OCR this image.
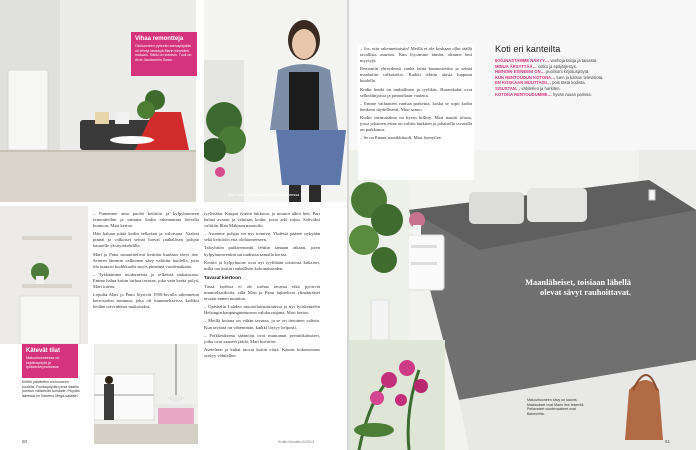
Vihaa remontteja
Olohuoneen pyöreän sohvapöydän oli tehnyt lasisepä Marin toiveiden mukaan. Säkki on kotoisin. Tuoli on Arne Jacobsenin Swan.
Mari Kaikkonen kuvasi kotona työhuoneessa.
Kätevät tilat
Makuuhuoneessa on kirjoituspöytä ja työskentelynurkkaus
Keittiö päivitettiin olohuoneen puolelle. Ruokapöydän pinta saatiin puretun väliseinän kohdalle. Pöydän ääressä on Tolomeo Mega-valaisin.

– Panemme aina puolet keittiön ja kylpyhuoneen remontteihin ja saimme kodin rakennuttua kerralla kuntoon, Mari kertoo.

Hän haluaa pitää kodin selkeänä ja valoisana. Vaaleat pinnat ja valkoiset seinät luovat rauhallisen pohjan kauniille yksityiskohdille.

Mari ja Panu suunnittelivat keittiön kuulaan sävyt itse. Seinien lämmin valkoinen sävy valittiin huolella, jotta tila tuntuisi kodikkaalta myös pimeänä vuodenaikana.

– Tykkäämme moderneista ja selkeistä ratkaisuista. Emme halua kotiin turhaa tavaraa, joka vain kerää pölyä, Mari toteaa.

Lopulta Mari ja Panu löysivät 1950-luvulla rakennetun kerrostalon asunnon, joka oli muunneltavissa kodiksi heidän toiveidensa mukaiseksi.

tyylistään. Kaupat tyttöin lukkoon, ja muutot alkoi heti. Pari halusi avaran ja valoisan kodin, jossa arki sujuu. Sohvaksi valittiin Illan Mäkisen muotoilu.

– Asumme pohjaa on nyt toimiva. Yhdestä pääsee nykyään sekä keittiöön että olohuoneeseen.

Taloyhtiön putkiremontti tehtiin samaan aikaan, joten kylpyhuoneenkin sai uudistaa samalla kertaa.

Keittiö ja kylpyhuone ovat nyt tyyliltään toistensa kaltaiset, mikä tuo kotiin rauhallisen kokonaisuuden.

Tavarat kiertoon

Tässä kodissa ei ole turhaa tavaraa eikä pyöriviä muuttolaatikoita, sillä Mari ja Panu lajittelivat ylimääräiset tavarat ennen muuttoa.

– Opiskelin Lahden muotoiluinstituutissa ja nyt työskentelen Helsingin kaupunginmuseon valokuvaajana, Mari kertoo.

– Meillä kotona on vähän tavaraa, ja se on tietoinen valinta. Kun tavaraa on vähemmän, kaikki löytyy helposti.

– Poikkeuksena sääntöön ovat muutamat perintökalusteet, jotka ovat saaneet jäädä, Mari kuvailee.

Asetelmat ja kukat tuovat kotiin väriä. Kaunis kokonaisuus syntyy vähitellen.

50	Kotiin Kuvattu 6/2013

– Jos, niin rakennettaisiin! Meillä ei ole koskaan ollut täällä tavallista asuntoa. Kun löysimme tämän, olimme heti myytyjä.

Remontin yhteydessä vanha lattia kunnostettiin ja seinät maalattiin valkoisiksi. Kaikki tehtiin alusta loppuun huolella.

Kodin henki on rauhallinen ja tyylikäs. Huonekalut ovat selkeälinjaisia ja pinnoiltaan vaaleita.

– Emme vaihtaneet vanhaa parkettia, koska se sopii kodin henkeen täydellisesti, Mari sanoo.

Kodin värimaailma on hyvin hillitty. Mari nauttii tilasta, jossa jokainen esine on valittu harkiten ja jokaisella tavaralla on paikkansa.

– Se on Panun suosikkituoli, Mari hymyilee.

Koti eri kanteilta
IKKUNASTAMME NÄKYY… vanhoja taloja ja taivasta.
MINUA ÄRSYTTÄÄ… sotku ja epäjärjestys.
HIENOIN ESINEENI ON… puolisoni kirjoituspöytä.
KUN RENTOUDUN KOTONA… luen ja katson televisiota.
EN KOSKAAN MUUTTAISI… pois tästä kodista.
SISUSTAN… vähitellen ja harkiten.
KOTONA RENTOUDUMME… hyvän ruuan parissa.
Maanläheiset, toisiaan lähellä olevat sävyt rauhoittavat.
Makuuhuoneen sävy on kaunis. Maalaukset ovat Marin itse tekemiä. Pellavaiset vuodevaatteet ovat Balmuirilta.
51
